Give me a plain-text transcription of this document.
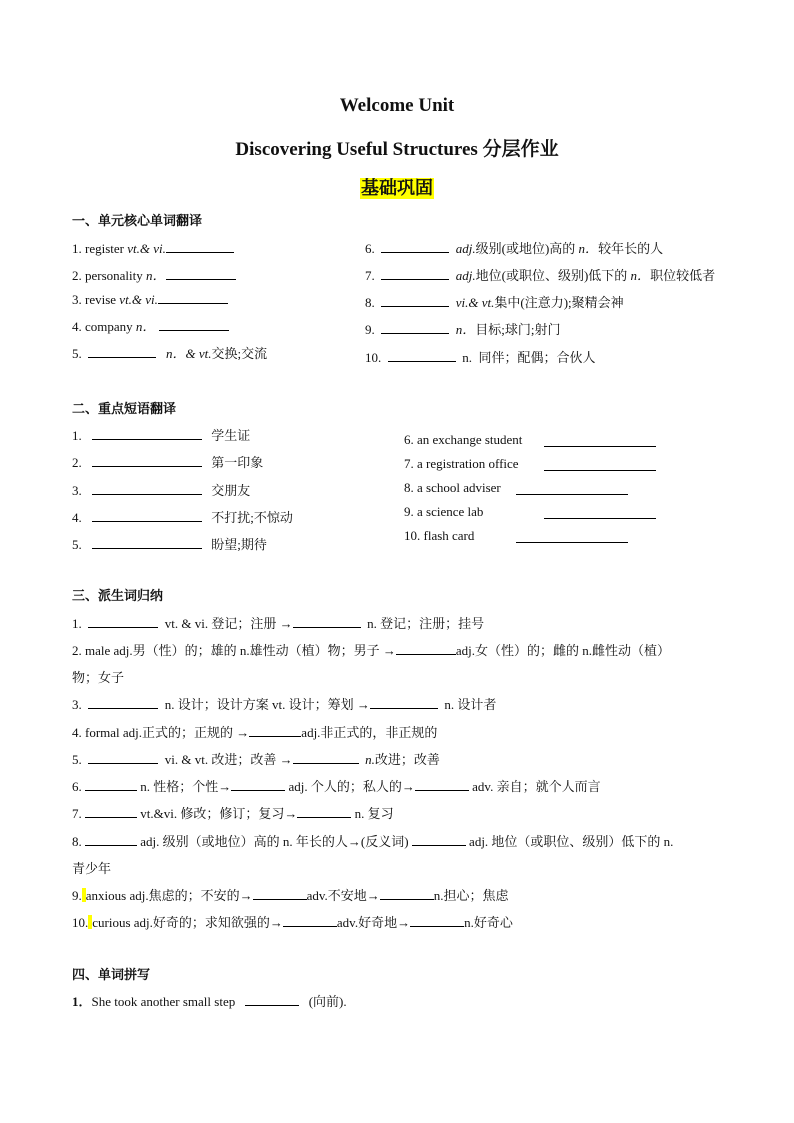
Welcome Unit
Discovering Useful Structures 分层作业
基础巩固
一、单元核心单词翻译
1. register vt.& vi.
2. personality n．
3. revise vt.& vi.
4. company n．
5.	n．& vt.交换;交流
6.	adj.级别(或地位)高的 n．较年长的人
7.	adj.地位(或职位、级别)低下的 n．职位较低者
8.	vi.& vt.集中(注意力);聚精会神
9.	n．目标;球门;射门
10.	n. 同伴；配偶；合伙人
二、重点短语翻译
1.	学生证
2.	第一印象
3.	交朋友
4.	不打扰;不惊动
5.	盼望;期待
6. an exchange student
7. a registration office
8. a school adviser
9. a science lab
10. flash card
三、派生词归纳
1.	vt. & vi. 登记；注册 →	n. 登记；注册；挂号
2. male adj.男（性）的；雄的 n.雄性动（植）物；男子 →	adj.女（性）的；雌的 n.雌性动（植）
物；女子
3.	n. 设计；设计方案 vt. 设计；筹划 →	n. 设计者
4. formal adj.正式的；正规的 →	adj.非正式的，非正规的
5.	vi. & vt. 改进；改善 →	n.改进；改善
6.	n. 性格；个性→	adj. 个人的；私人的→	adv. 亲自；就个人而言
7.	vt.&vi. 修改；修订；复习→	n. 复习
8.	adj. 级别（或地位）高的 n. 年长的人→(反义词)	adj. 地位（或职位、级别）低下的 n.
青少年
9. anxious adj.焦虑的；不安的→	adv.不安地→	n.担心；焦虑
10. curious adj.好奇的；求知欲强的→	adv.好奇地→	n.好奇心
四、单词拼写
1．She took another small step	(向前).
